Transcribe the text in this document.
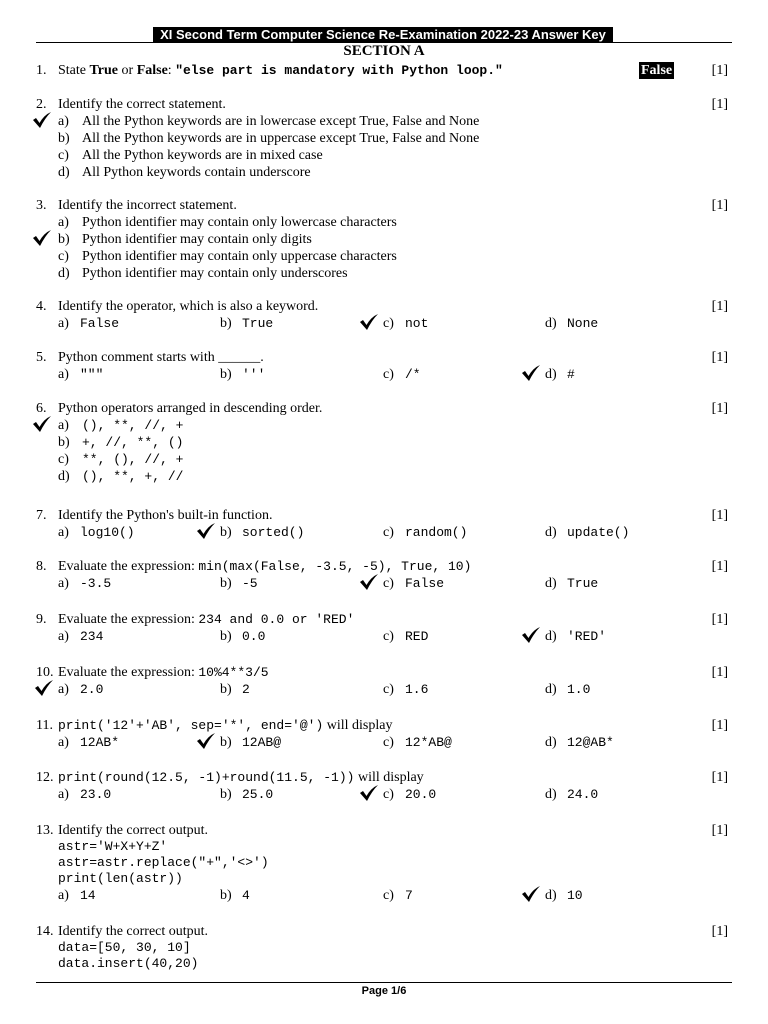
XI Second Term Computer Science Re-Examination 2022-23 Answer Key
SECTION A
1. State True or False: "else part is mandatory with Python loop."	False	[1]
2. Identify the correct statement.	[1]
a) All the Python keywords are in lowercase except True, False and None
b) All the Python keywords are in uppercase except True, False and None
c) All the Python keywords are in mixed case
d) All Python keywords contain underscore
3. Identify the incorrect statement.	[1]
a) Python identifier may contain only lowercase characters
b) Python identifier may contain only digits
c) Python identifier may contain only uppercase characters
d) Python identifier may contain only underscores
4. Identify the operator, which is also a keyword.	[1]
a) False	b) True	c) not	d) None
5. Python comment starts with ______.	[1]
a) """	b) '''	c) /*	d) #
6. Python operators arranged in descending order.	[1]
a) (), **, //, +
b) +, //, **, ()
c) **, (), //, +
d) (), **, +, //
7. Identify the Python's built-in function.	[1]
a) log10()	b) sorted()	c) random()	d) update()
8. Evaluate the expression: min(max(False, -3.5, -5), True, 10)	[1]
a) -3.5	b) -5	c) False	d) True
9. Evaluate the expression: 234 and 0.0 or 'RED'	[1]
a) 234	b) 0.0	c) RED	d) 'RED'
10. Evaluate the expression: 10%4**3/5	[1]
a) 2.0	b) 2	c) 1.6	d) 1.0
11. print('12'+'AB', sep='*', end='@') will display	[1]
a) 12AB*	b) 12AB@	c) 12*AB@	d) 12@AB*
12. print(round(12.5, -1)+round(11.5, -1)) will display	[1]
a) 23.0	b) 25.0	c) 20.0	d) 24.0
13. Identify the correct output.	[1]
astr='W+X+Y+Z'
astr=astr.replace("+",'<>')
print(len(astr))
a) 14	b) 4	c) 7	d) 10
14. Identify the correct output.	[1]
data=[50, 30, 10]
data.insert(40,20)
Page 1/6
